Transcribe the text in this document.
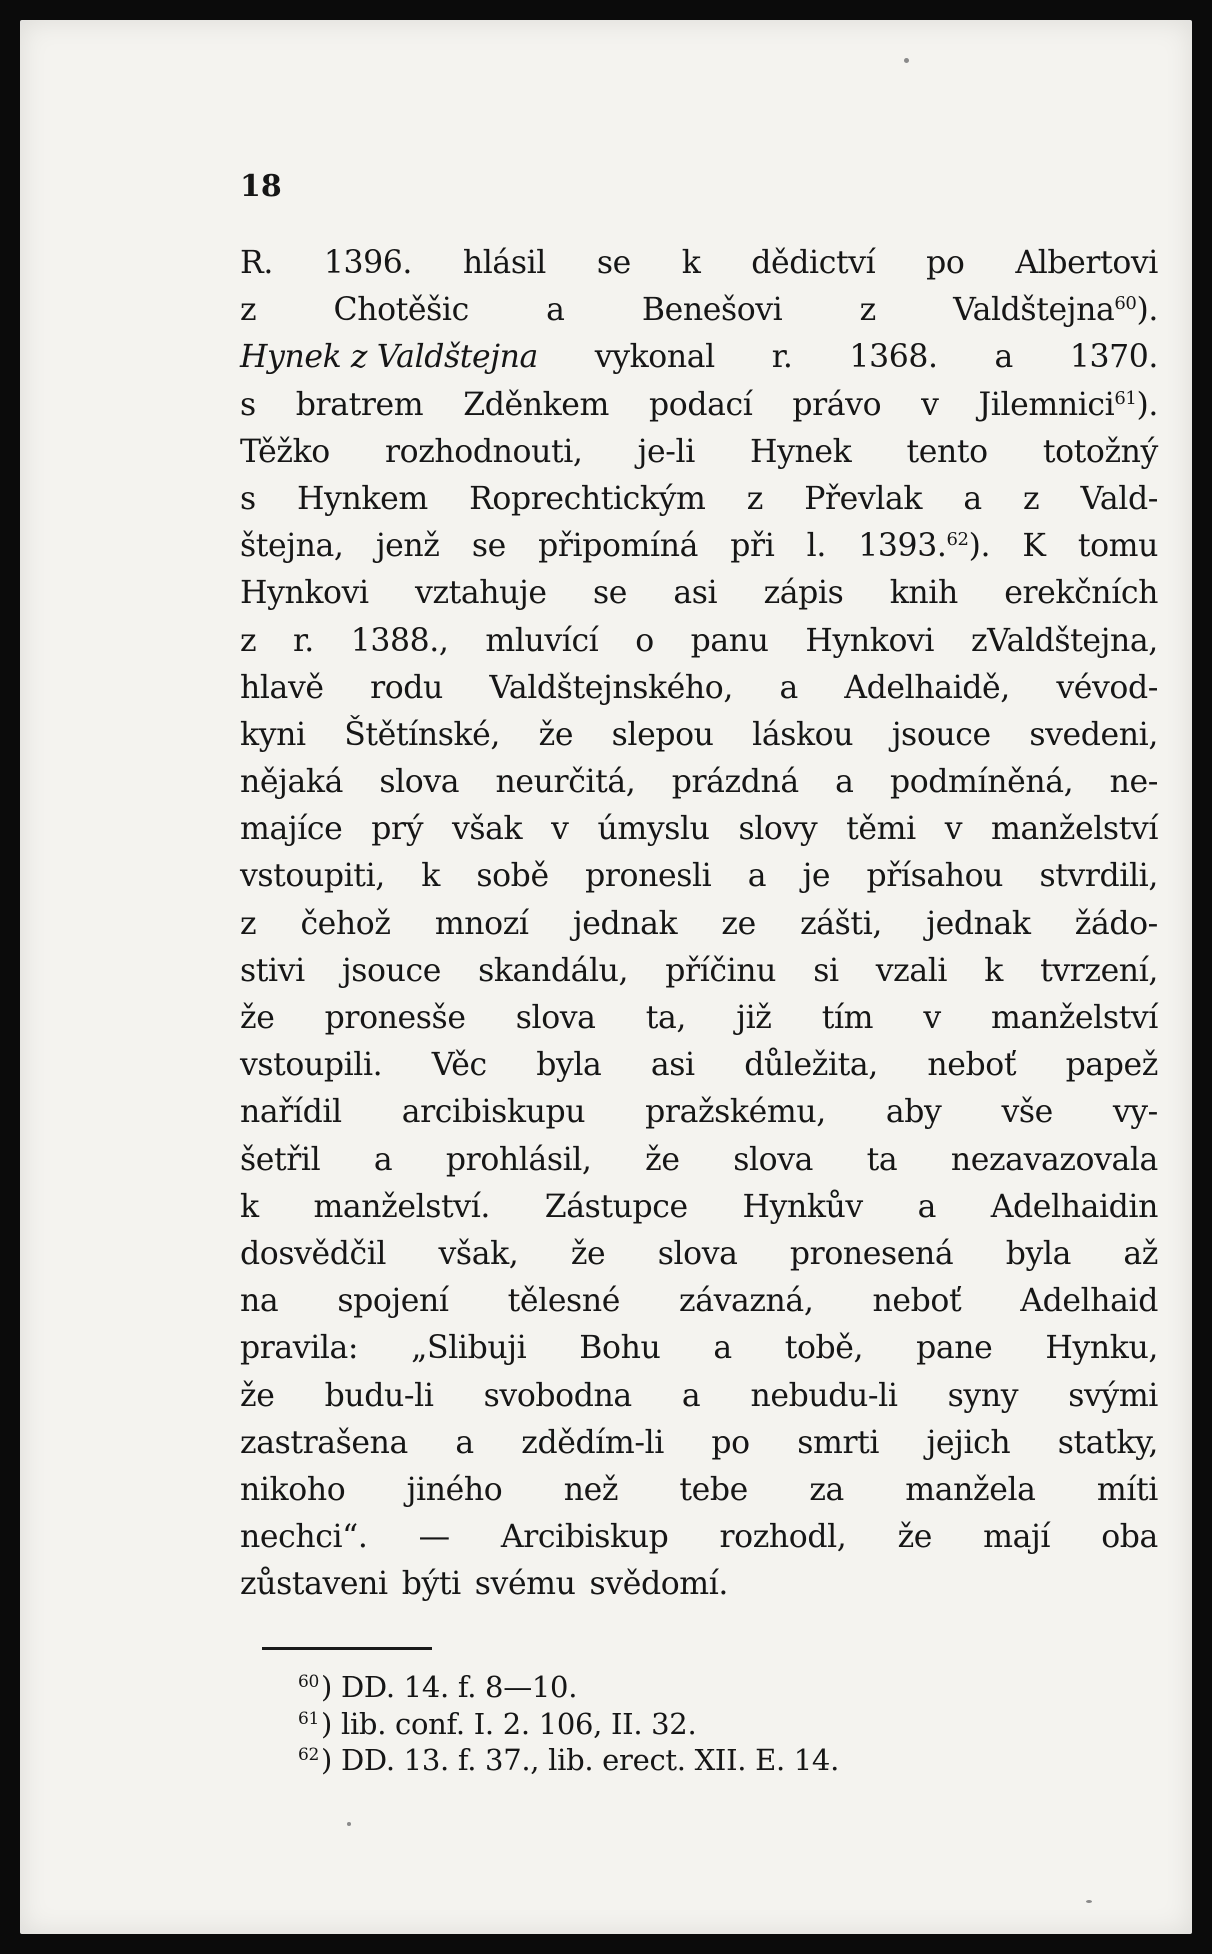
18
R. 1396. hlásil se k dědictví po Albertovi
z Chotěšic a Benešovi z Valdštejna$^{60}$).
Hynek z Valdštejna vykonal r. 1368. a 1370.
s bratrem Zděnkem podací právo v Jilemnici$^{61}$).
Těžko rozhodnouti, je-li Hynek tento totožný
s Hynkem Roprechtickým z Převlak a z Vald-
štejna, jenž se připomíná při l. 1393.62). K tomu
Hynkovi vztahuje se asi zápis knih erekčních
z r. 1388., mluvící o panu Hynkovi zValdštejna,
hlavě rodu Valdštejnského, a Adelhaidě, vévod-
kyni Štětínské, že slepou láskou jsouce svedeni,
nějaká slova neurčitá, prázdná a podmíněná, ne-
majíce prý však v úmyslu slovy těmi v manželství
vstoupiti, k sobě pronesli a je přísahou stvrdili,
z čehož mnozí jednak ze zášti, jednak žádo-
stivi jsouce skandálu, příčinu si vzali k tvrzení,
že pronesše slova ta, již tím v manželství
vstoupili. Věc byla asi důležita, neboť papež
nařídil arcibiskupu pražskému, aby vše vy-
šetřil a prohlásil, že slova ta nezavazovala
k manželství. Zástupce Hynkův a Adelhaidin
dosvědčil však, že slova pronesená byla až
na spojení tělesné závazná, neboť Adelhaid
pravila: „Slibuji Bohu a tobě, pane Hynku,
že budu-li svobodna a nebudu-li syny svými
zastrašena a zdědím-li po smrti jejich statky,
nikoho jiného než tebe za manžela míti
nechci“. — Arcibiskup rozhodl, že mají oba
zůstaveni býti svému svědomí.
$^{60}$) DD. 14. f. 8—10.
$^{61}$) lib. conf. I. 2. 106, II. 32.
$^{62}$) DD. 13. f. 37., lib. erect. XII. E. 14.
